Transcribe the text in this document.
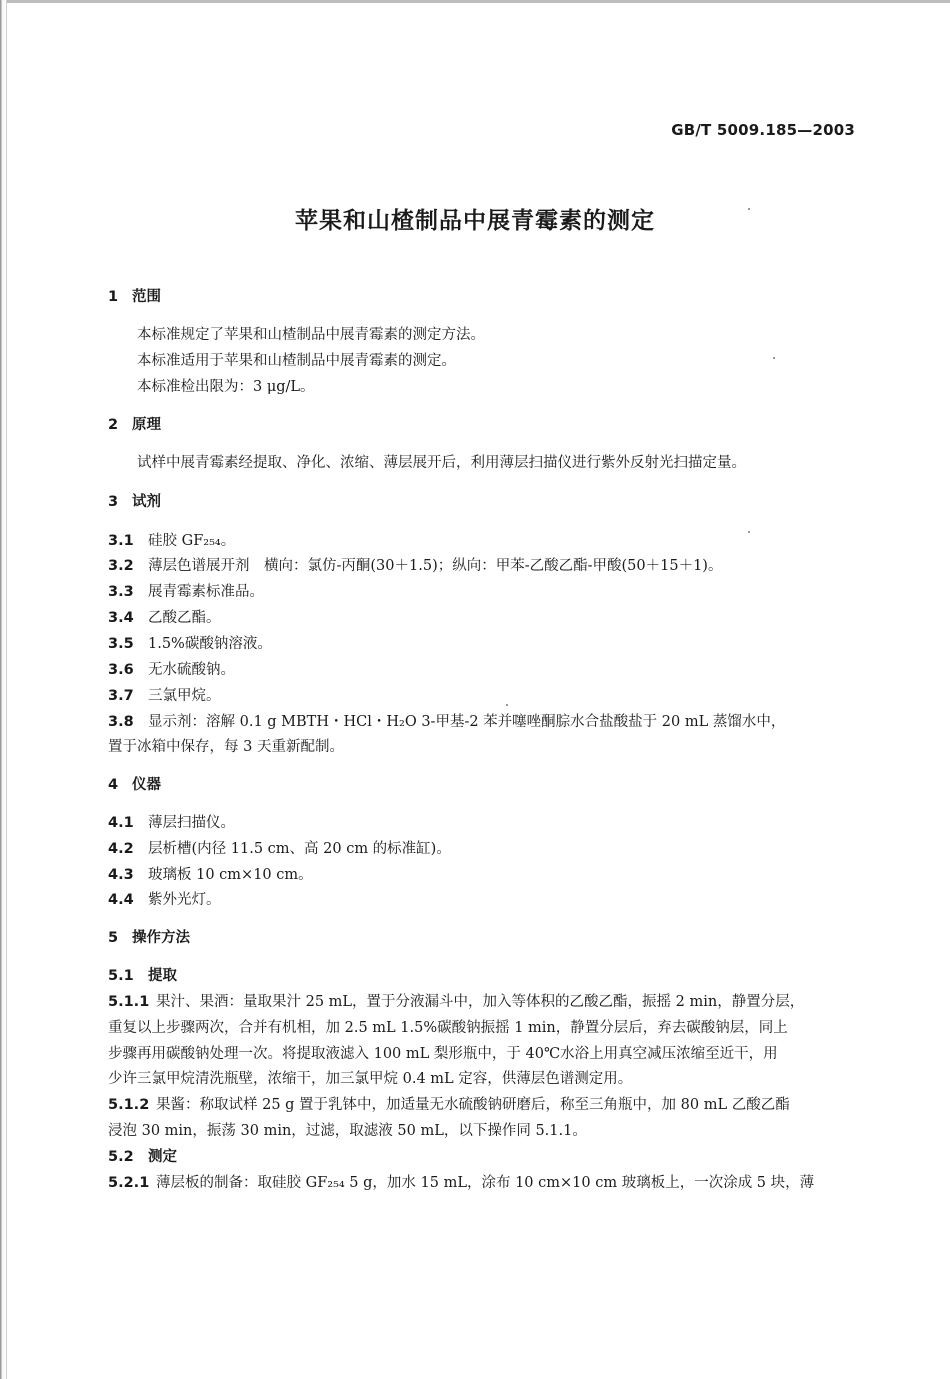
GB/T 5009.185—2003
苹果和山楂制品中展青霉素的测定
1 范围
本标准规定了苹果和山楂制品中展青霉素的测定方法。
本标准适用于苹果和山楂制品中展青霉素的测定。
本标准检出限为：3 μg/L。
2 原理
试样中展青霉素经提取、净化、浓缩、薄层展开后，利用薄层扫描仪进行紫外反射光扫描定量。
3 试剂
3.1 硅胶 GF₂₅₄。
3.2 薄层色谱展开剂　横向：氯仿-丙酮(30＋1.5)；纵向：甲苯-乙酸乙酯-甲酸(50＋15＋1)。
3.3 展青霉素标准品。
3.4 乙酸乙酯。
3.5 1.5%碳酸钠溶液。
3.6 无水硫酸钠。
3.7 三氯甲烷。
3.8 显示剂：溶解 0.1 g MBTH・HCl・H₂O 3-甲基-2 苯并噻唑酮腙水合盐酸盐于 20 mL 蒸馏水中，
置于冰箱中保存，每 3 天重新配制。
4 仪器
4.1 薄层扫描仪。
4.2 层析槽(内径 11.5 cm、高 20 cm 的标准缸)。
4.3 玻璃板 10 cm×10 cm。
4.4 紫外光灯。
5 操作方法
5.1 提取
5.1.1 果汁、果酒：量取果汁 25 mL，置于分液漏斗中，加入等体积的乙酸乙酯，振摇 2 min，静置分层，
重复以上步骤两次，合并有机相，加 2.5 mL 1.5%碳酸钠振摇 1 min，静置分层后，弃去碳酸钠层，同上
步骤再用碳酸钠处理一次。将提取液滤入 100 mL 梨形瓶中，于 40℃水浴上用真空减压浓缩至近干，用
少许三氯甲烷清洗瓶壁，浓缩干，加三氯甲烷 0.4 mL 定容，供薄层色谱测定用。
5.1.2 果酱：称取试样 25 g 置于乳钵中，加适量无水硫酸钠研磨后，称至三角瓶中，加 80 mL 乙酸乙酯
浸泡 30 min，振荡 30 min，过滤，取滤液 50 mL，以下操作同 5.1.1。
5.2 测定
5.2.1 薄层板的制备：取硅胶 GF₂₅₄ 5 g，加水 15 mL，涂布 10 cm×10 cm 玻璃板上，一次涂成 5 块，薄
